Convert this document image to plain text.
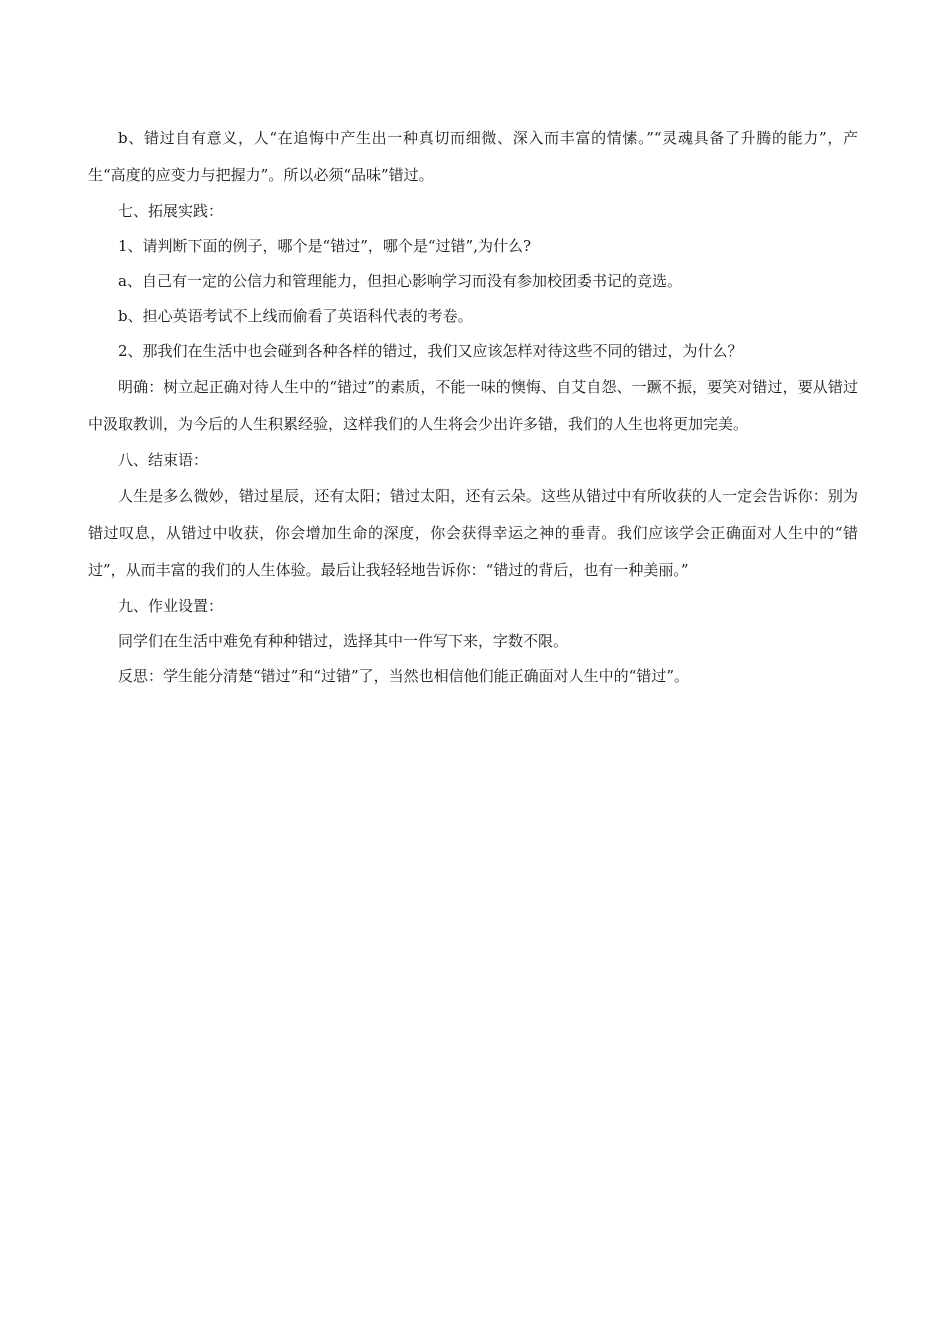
b、错过自有意义，人“在追悔中产生出一种真切而细微、深入而丰富的情愫。”“灵魂具备了升腾的能力”，产生“高度的应变力与把握力”。所以必须“品味”错过。

七、拓展实践：

1、请判断下面的例子，哪个是“错过”，哪个是“过错”,为什么?

a、自己有一定的公信力和管理能力，但担心影响学习而没有参加校团委书记的竞选。

b、担心英语考试不上线而偷看了英语科代表的考卷。

2、那我们在生活中也会碰到各种各样的错过，我们又应该怎样对待这些不同的错过，为什么？

明确：树立起正确对待人生中的“错过”的素质，不能一味的懊悔、自艾自怨、一蹶不振，要笑对错过，要从错过中汲取教训，为今后的人生积累经验，这样我们的人生将会少出许多错，我们的人生也将更加完美。

八、结束语：

人生是多么微妙，错过星辰，还有太阳；错过太阳，还有云朵。这些从错过中有所收获的人一定会告诉你：别为错过叹息，从错过中收获，你会增加生命的深度，你会获得幸运之神的垂青。我们应该学会正确面对人生中的“错过”，从而丰富的我们的人生体验。最后让我轻轻地告诉你：“错过的背后，也有一种美丽。”

九、作业设置：

同学们在生活中难免有种种错过，选择其中一件写下来，字数不限。

反思：学生能分清楚“错过”和“过错”了，当然也相信他们能正确面对人生中的“错过”。
